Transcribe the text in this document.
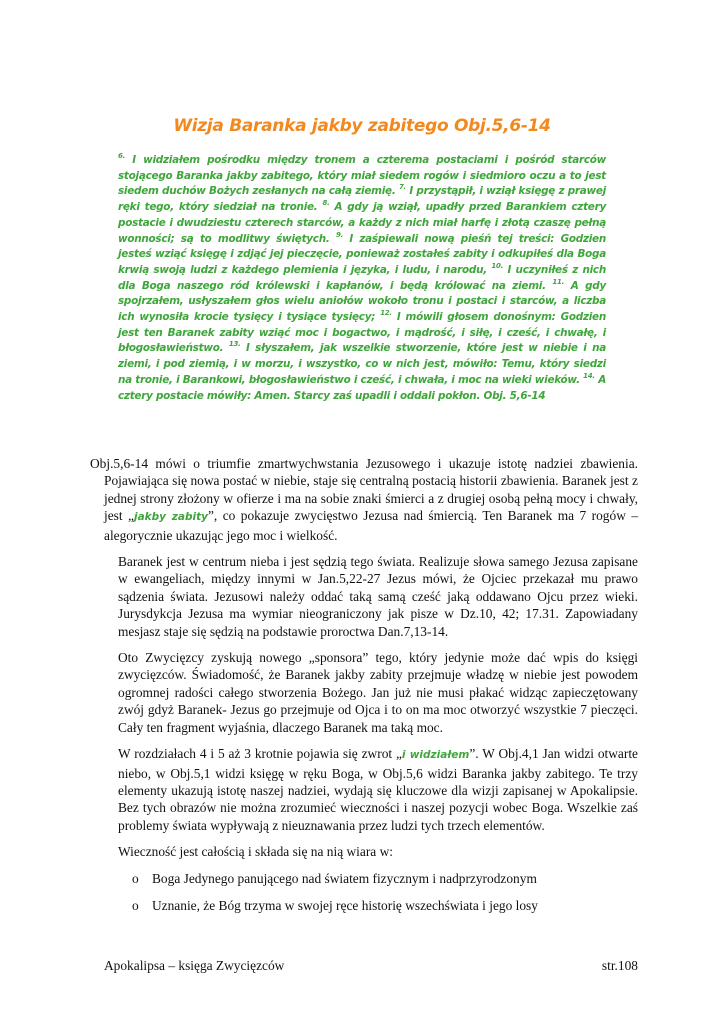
Wizja Baranka jakby zabitego Obj.5,6-14

$^{6.}$ I widziałem pośrodku między tronem a czterema postaciami i pośród starców stojącego Baranka jakby zabitego, który miał siedem rogów i siedmioro oczu a to jest siedem duchów Bożych zesłanych na całą ziemię. $^{7.}$ I przystąpił, i wziął księgę z prawej ręki tego, który siedział na tronie. $^{8.}$ A gdy ją wziął, upadły przed Barankiem cztery postacie i dwudziestu czterech starców, a każdy z nich miał harfę i złotą czaszę pełną wonności; są to modlitwy świętych. $^{9.}$ I zaśpiewali nową pieśń tej treści: Godzien jesteś wziąć księgę i zdjąć jej pieczęcie, ponieważ zostałeś zabity i odkupiłeś dla Boga krwią swoją ludzi z każdego plemienia i języka, i ludu, i narodu, $^{10.}$ I uczyniłeś z nich dla Boga naszego ród królewski i kapłanów, i będą królować na ziemi. $^{11.}$ A gdy spojrzałem, usłyszałem głos wielu aniołów wokoło tronu i postaci i starców, a liczba ich wynosiła krocie tysięcy i tysiące tysięcy; $^{12.}$ I mówili głosem donośnym: Godzien jest ten Baranek zabity wziąć moc i bogactwo, i mądrość, i siłę, i cześć, i chwałę, i błogosławieństwo. $^{13.}$ I słyszałem, jak wszelkie stworzenie, które jest w niebie i na ziemi, i pod ziemią, i w morzu, i wszystko, co w nich jest, mówiło: Temu, który siedzi na tronie, i Barankowi, błogosławieństwo i cześć, i chwała, i moc na wieki wieków. $^{14.}$ A cztery postacie mówiły: Amen. Starcy zaś upadli i oddali pokłon. Obj. 5,6-14

Obj.5,6-14 mówi o triumfie zmartwychwstania Jezusowego i ukazuje istotę nadziei zbawienia. Pojawiająca się nowa postać w niebie, staje się centralną postacią historii zbawienia. Baranek jest z jednej strony złożony w ofierze i ma na sobie znaki śmierci a z drugiej osobą pełną mocy i chwały, jest „jakby zabity”, co pokazuje zwycięstwo Jezusa nad śmiercią. Ten Baranek ma 7 rogów – alegorycznie ukazując jego moc i wielkość.

Baranek jest w centrum nieba i jest sędzią tego świata. Realizuje słowa samego Jezusa zapisane w ewangeliach, między innymi w Jan.5,22-27 Jezus mówi, że Ojciec przekazał mu prawo sądzenia świata. Jezusowi należy oddać taką samą cześć jaką oddawano Ojcu przez wieki. Jurysdykcja Jezusa ma wymiar nieograniczony jak pisze w Dz.10, 42; 17.31. Zapowiadany mesjasz staje się sędzią na podstawie proroctwa Dan.7,13-14.

Oto Zwycięzcy zyskują nowego „sponsora” tego, który jedynie może dać wpis do księgi zwycięzców. Świadomość, że Baranek jakby zabity przejmuje władzę w niebie jest powodem ogromnej radości całego stworzenia Bożego. Jan już nie musi płakać widząc zapieczętowany zwój gdyż Baranek- Jezus go przejmuje od Ojca i to on ma moc otworzyć wszystkie 7 pieczęci. Cały ten fragment wyjaśnia, dlaczego Baranek ma taką moc.

W rozdziałach 4 i 5 aż 3 krotnie pojawia się zwrot „i widziałem”. W Obj.4,1 Jan widzi otwarte niebo, w Obj.5,1 widzi księgę w ręku Boga, w Obj.5,6 widzi Baranka jakby zabitego. Te trzy elementy ukazują istotę naszej nadziei, wydają się kluczowe dla wizji zapisanej w Apokalipsie. Bez tych obrazów nie można zrozumieć wieczności i naszej pozycji wobec Boga. Wszelkie zaś problemy świata wypływają z nieuznawania przez ludzi tych trzech elementów.

Wieczność jest całością i składa się na nią wiara w:

o Boga Jedynego panującego nad światem fizycznym i nadprzyrodzonym
o Uznanie, że Bóg trzyma w swojej ręce historię wszechświata i jego losy
Apokalipsa – księga Zwycięzców	str.108
